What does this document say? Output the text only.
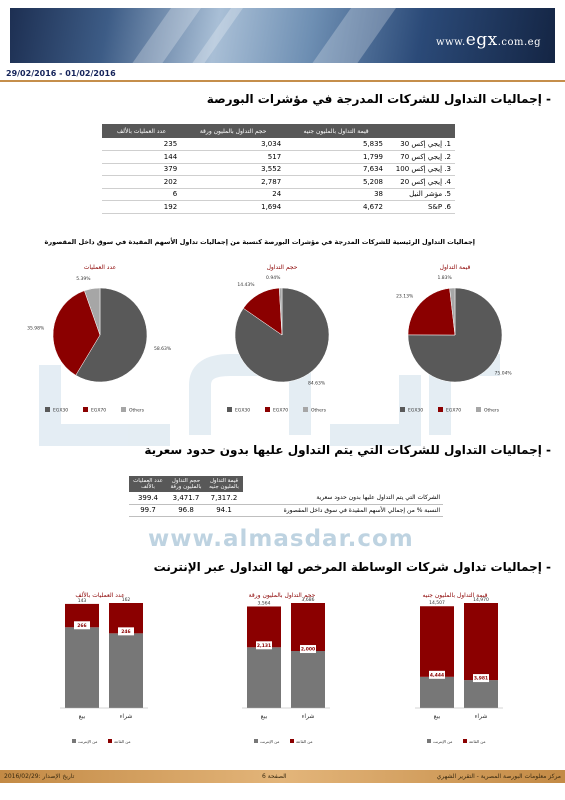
www.egx.com.eg
29/02/2016 - 01/02/2016
- إجماليات التداول للشركات المدرجة في مؤشرات البورصة
عدد العمليات بالألف	حجم التداول بالمليون ورقة	قيمة التداول بالمليون جنيه	
235	3,034	5,835	1. إيجي إكس 30
144	517	1,799	2. إيجي إكس 70
379	3,552	7,634	3. إيجي إكس 100
202	2,787	5,208	4. إيجي إكس 20
6	24	38	5. مؤشر النيل
192	1,694	4,672	S&P .6
إجماليات التداول الرئيسية للشركات المدرجة في مؤشرات البورصة كنسبة من إجماليات تداول الأسهم المقيدة في سوق داخل المقصورة
قيمة التداول
75.04%
23.13%
1.83%
EGX30	EGX70	Others
حجم التداول
84.63%
14.43%
0.94%
EGX30	EGX70	Others
عدد العمليات
58.63%
35.98%
5.39%
EGX30	EGX70	Others
- إجماليات التداول للشركات التي يتم التداول عليها بدون حدود سعرية
عدد العمليات بالألف	حجم التداول بالمليون ورقة	قيمة التداول بالمليون جنيه	
399.4	3,471.7	7,317.2	الشركات التي يتم التداول عليها بدون حدود سعرية
99.7	96.8	94.1	النسبة % من إجمالي الأسهم المقيدة في سوق داخل المقصورة
www.almasdar.com
- إجماليات تداول شركات الوساطة المرخص لها التداول عبر الإنترنت
قيمة التداول بالمليون جنيه
4,444
14,507
بيع
3,981
14,970
شراء
من القاعة
من الإنترنت
حجم التداول بالمليون ورقة
2,131
3,564
بيع
2,000
3,686
شراء
من القاعة
من الإنترنت
عدد العمليات بالألف
266
143
بيع
246
162
شراء
من القاعة
من الإنترنت
تاريخ الإصدار :2016/02/29	الصفحة 6	مركز معلومات البورصة المصرية - التقرير الشهري
